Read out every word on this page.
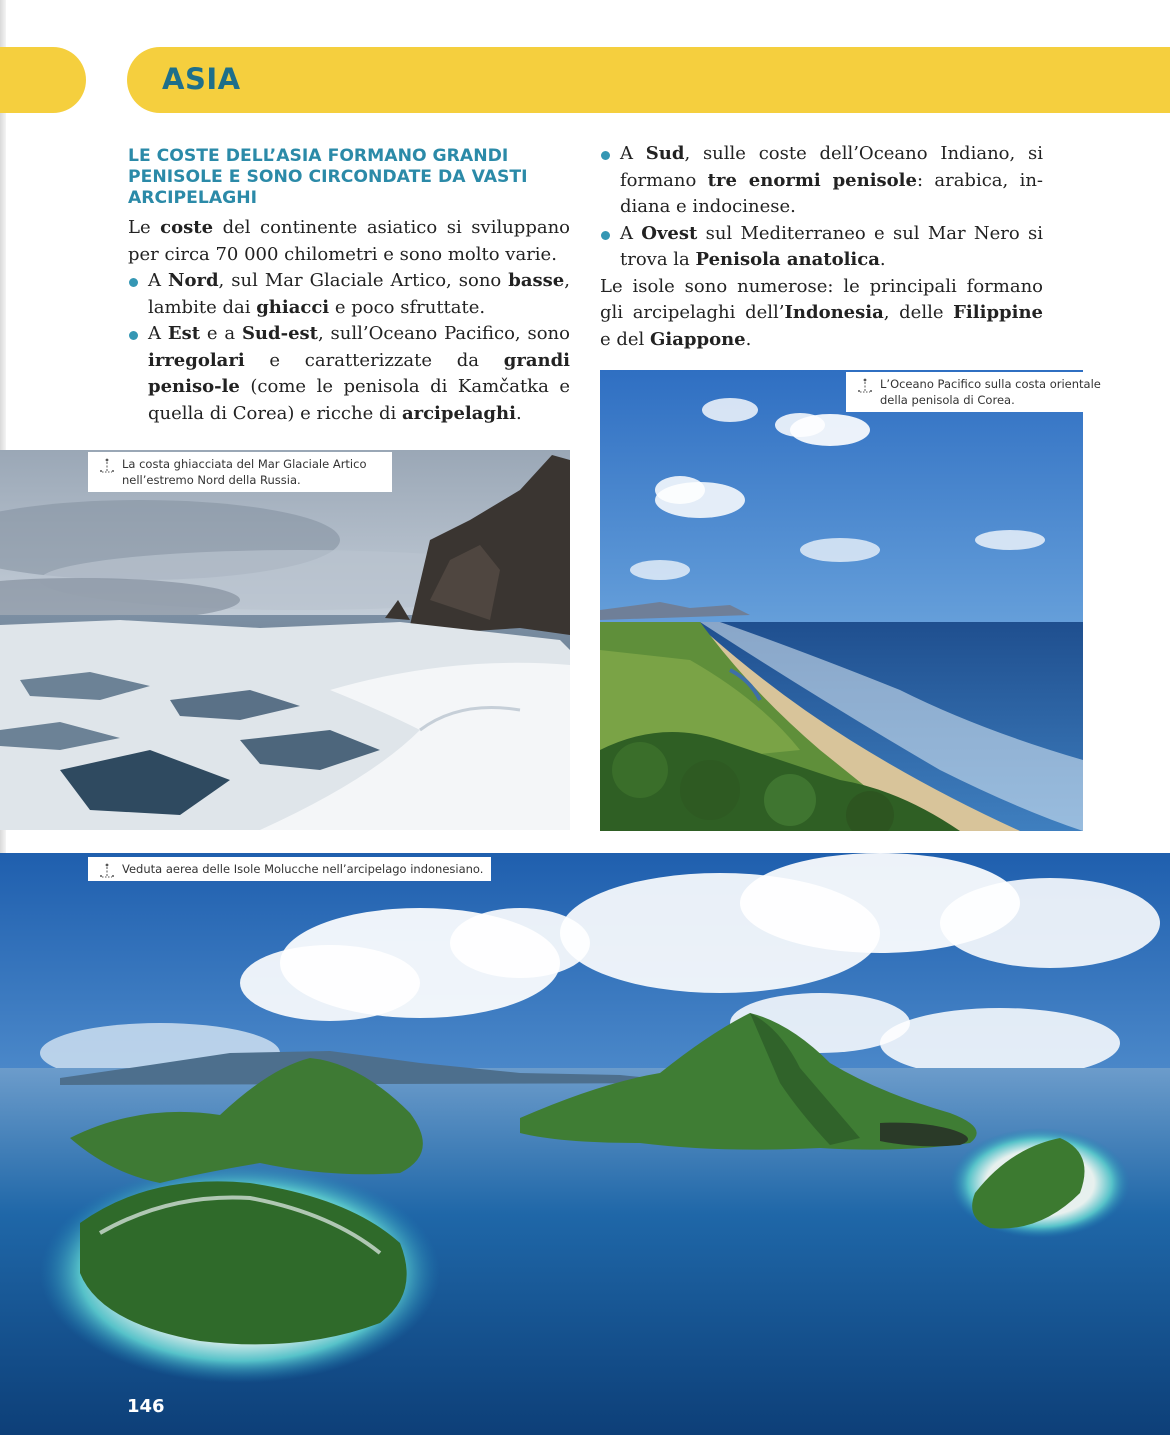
ASIA
LE COSTE DELL’ASIA FORMANO GRANDI PENISOLE E SONO CIRCONDATE DA VASTI ARCIPELAGHI

Le coste del continente asiatico si sviluppano per circa 70 000 chilometri e sono molto varie.

A Nord, sul Mar Glaciale Artico, sono basse, lambite dai ghiacci e poco sfruttate.

A Est e a Sud-est, sull’Oceano Pacifico, sono irregolari e caratterizzate da grandi peniso-le (come le penisola di Kamčatka e quella di Corea) e ricche di arcipelaghi.

A Sud, sulle coste dell’Oceano Indiano, si formano tre enormi penisole: arabica, in-diana e indocinese.

A Ovest sul Mediterraneo e sul Mar Nero si trova la Penisola anatolica.

Le isole sono numerose: le principali formano gli arcipelaghi dell’Indonesia, delle Filippine e del Giappone.

La costa ghiacciata del Mar Glaciale Artico nell’estremo Nord della Russia.
L’Oceano Pacifico sulla costa orientale della penisola di Corea.
Veduta aerea delle Isole Molucche nell’arcipelago indonesiano.
146
